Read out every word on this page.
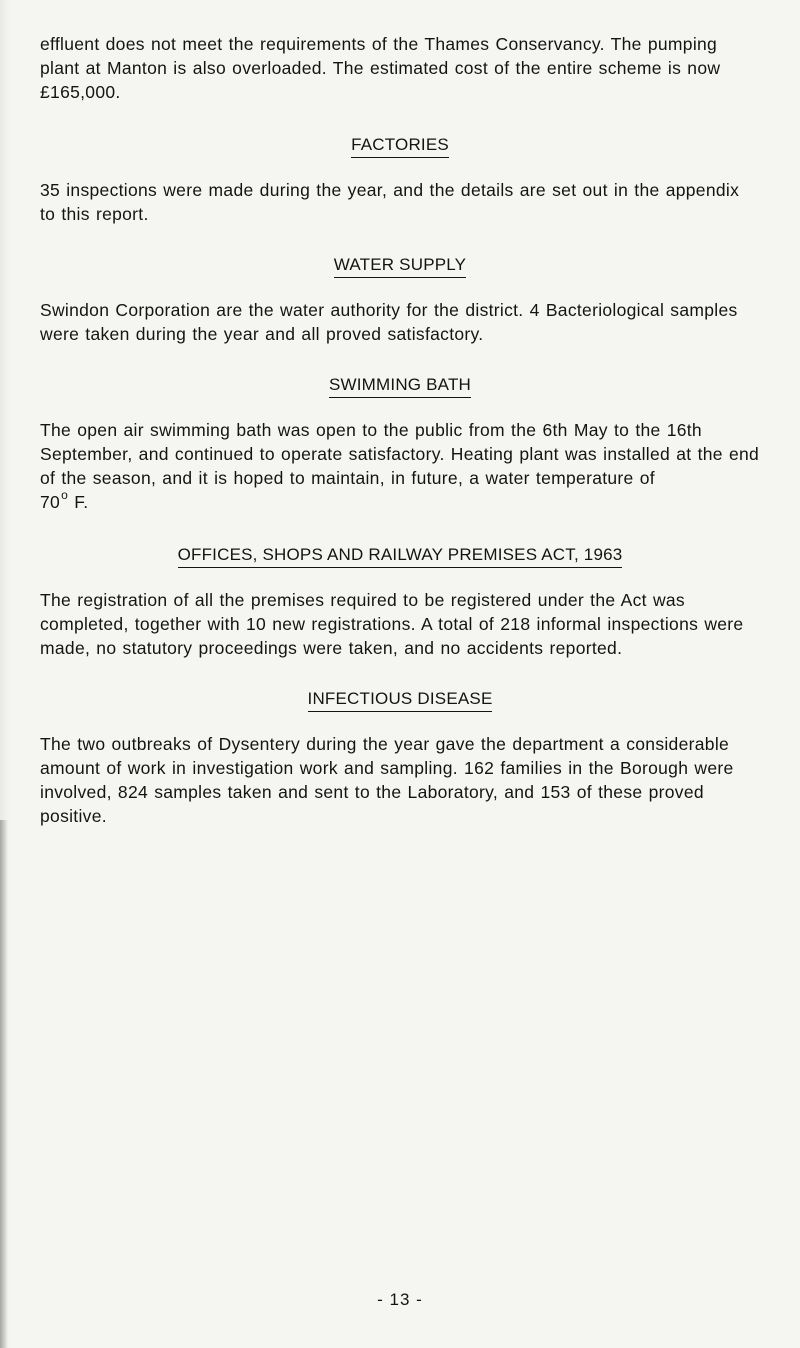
effluent does not meet the requirements of the Thames Conservancy. The pumping plant at Manton is also overloaded. The estimated cost of the entire scheme is now £165,000.

FACTORIES

35 inspections were made during the year, and the details are set out in the appendix to this report.

WATER SUPPLY

Swindon Corporation are the water authority for the district. 4 Bacteriological samples were taken during the year and all proved satisfactory.

SWIMMING BATH

The open air swimming bath was open to the public from the 6th May to the 16th September, and continued to operate satisfactory. Heating plant was installed at the end of the season, and it is hoped to maintain, in future, a water temperature of
70$^o$ F.

OFFICES, SHOPS AND RAILWAY PREMISES ACT, 1963

The registration of all the premises required to be registered under the Act was completed, together with 10 new registrations. A total of 218 informal inspections were made, no statutory proceedings were taken, and no accidents reported.

INFECTIOUS DISEASE

The two outbreaks of Dysentery during the year gave the department a considerable amount of work in investigation work and sampling. 162 families in the Borough were involved, 824 samples taken and sent to the Laboratory, and 153 of these proved positive.

- 13 -
